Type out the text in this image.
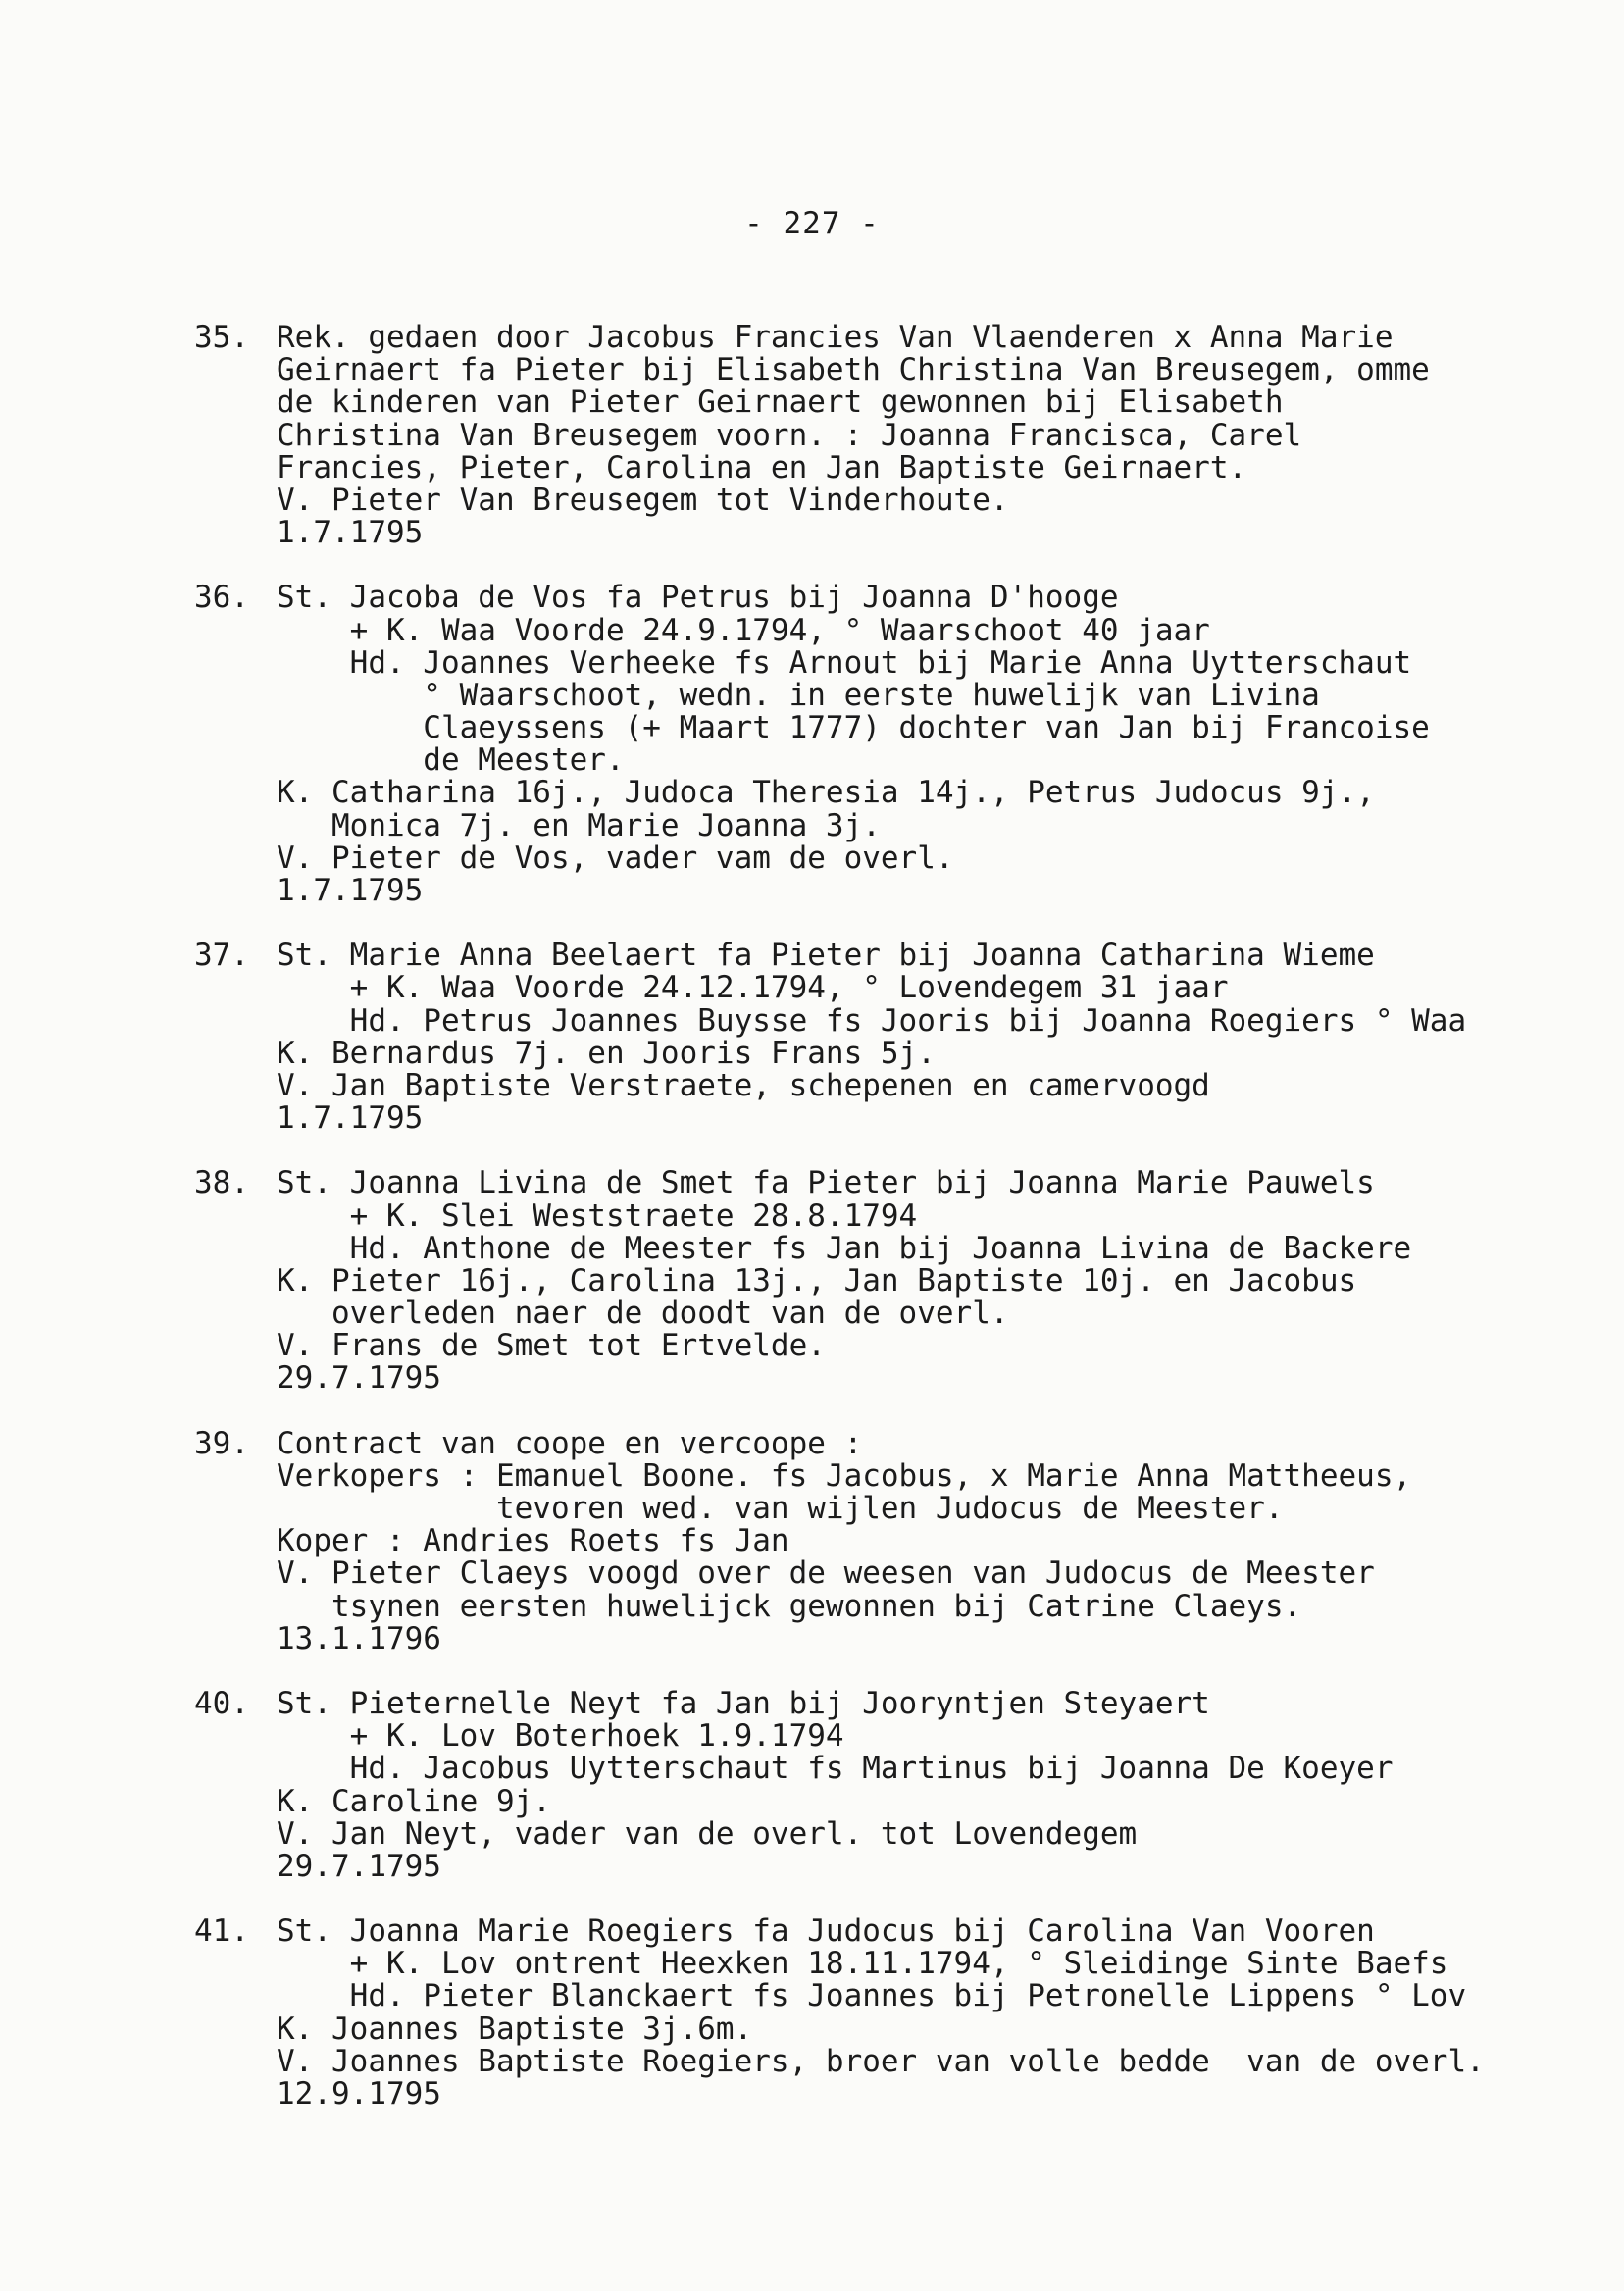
- 227 -
35. Rek. gedaen door Jacobus Francies Van Vlaenderen x Anna Marie
Geirnaert fa Pieter bij Elisabeth Christina Van Breusegem, omme
de kinderen van Pieter Geirnaert gewonnen bij Elisabeth
Christina Van Breusegem voorn. : Joanna Francisca, Carel
Francies, Pieter, Carolina en Jan Baptiste Geirnaert.
V. Pieter Van Breusegem tot Vinderhoute.
1.7.1795
36. St. Jacoba de Vos fa Petrus bij Joanna D'hooge
+ K. Waa Voorde 24.9.1794, ° Waarschoot 40 jaar
Hd. Joannes Verheeke fs Arnout bij Marie Anna Uytterschaut
° Waarschoot, wedn. in eerste huwelijk van Livina
Claeyssens (+ Maart 1777) dochter van Jan bij Francoise
de Meester.
K. Catharina 16j., Judoca Theresia 14j., Petrus Judocus 9j.,
Monica 7j. en Marie Joanna 3j.
V. Pieter de Vos, vader vam de overl.
1.7.1795
37. St. Marie Anna Beelaert fa Pieter bij Joanna Catharina Wieme
+ K. Waa Voorde 24.12.1794, ° Lovendegem 31 jaar
Hd. Petrus Joannes Buysse fs Jooris bij Joanna Roegiers ° Waa
K. Bernardus 7j. en Jooris Frans 5j.
V. Jan Baptiste Verstraete, schepenen en camervoogd
1.7.1795
38. St. Joanna Livina de Smet fa Pieter bij Joanna Marie Pauwels
+ K. Slei Weststraete 28.8.1794
Hd. Anthone de Meester fs Jan bij Joanna Livina de Backere
K. Pieter 16j., Carolina 13j., Jan Baptiste 10j. en Jacobus
overleden naer de doodt van de overl.
V. Frans de Smet tot Ertvelde.
29.7.1795
39. Contract van coope en vercoope :
Verkopers : Emanuel Boone. fs Jacobus, x Marie Anna Mattheeus,
tevoren wed. van wijlen Judocus de Meester.
Koper : Andries Roets fs Jan
V. Pieter Claeys voogd over de weesen van Judocus de Meester
tsynen eersten huwelijck gewonnen bij Catrine Claeys.
13.1.1796
40. St. Pieternelle Neyt fa Jan bij Jooryntjen Steyaert
+ K. Lov Boterhoek 1.9.1794
Hd. Jacobus Uytterschaut fs Martinus bij Joanna De Koeyer
K. Caroline 9j.
V. Jan Neyt, vader van de overl. tot Lovendegem
29.7.1795
41. St. Joanna Marie Roegiers fa Judocus bij Carolina Van Vooren
+ K. Lov ontrent Heexken 18.11.1794, ° Sleidinge Sinte Baefs
Hd. Pieter Blanckaert fs Joannes bij Petronelle Lippens ° Lov
K. Joannes Baptiste 3j.6m.
V. Joannes Baptiste Roegiers, broer van volle bedde  van de overl.
12.9.1795
